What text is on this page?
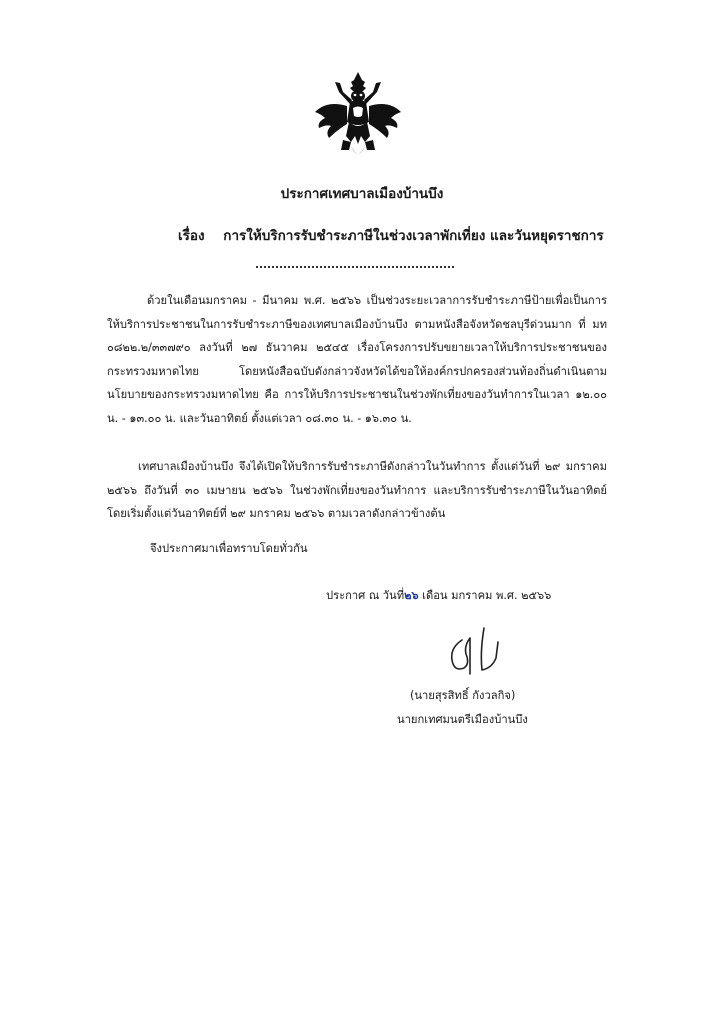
ประกาศเทศบาลเมืองบ้านบึง
เรื่อง การให้บริการรับชำระภาษีในช่วงเวลาพักเที่ยง และวันหยุดราชการ
ด้วยในเดือนมกราคม - มีนาคม พ.ศ. ๒๕๖๖ เป็นช่วงระยะเวลาการรับชำระภาษีป้ายเพื่อเป็นการให้บริการประชาชนในการรับชำระภาษีของเทศบาลเมืองบ้านบึง ตามหนังสือจังหวัดชลบุรีด่วนมาก ที่ มท ๐๘๒๒.๒/๓๓๗๙๐ ลงวันที่ ๒๗ ธันวาคม ๒๕๔๕ เรื่องโครงการปรับขยายเวลาให้บริการประชาชนของกระทรวงมหาดไทย โดยหนังสือฉบับดังกล่าวจังหวัดได้ขอให้องค์กรปกครองส่วนท้องถิ่นดำเนินตามนโยบายของกระทรวงมหาดไทย คือ การให้บริการประชาชนในช่วงพักเที่ยงของวันทำการในเวลา ๑๒.๐๐ น. - ๑๓.๐๐ น. และวันอาทิตย์ ตั้งแต่เวลา ๐๘.๓๐ น. - ๑๖.๓๐ น.
เทศบาลเมืองบ้านบึง จึงได้เปิดให้บริการรับชำระภาษีดังกล่าวในวันทำการ ตั้งแต่วันที่ ๒๙ มกราคม ๒๕๖๖ ถึงวันที่ ๓๐ เมษายน ๒๕๖๖ ในช่วงพักเที่ยงของวันทำการ และบริการรับชำระภาษีในวันอาทิตย์ โดยเริ่มตั้งแต่วันอาทิตย์ที่ ๒๙ มกราคม ๒๕๖๖ ตามเวลาดังกล่าวข้างต้น
จึงประกาศมาเพื่อทราบโดยทั่วกัน
ประกาศ ณ วันที่๒๖ เดือน มกราคม พ.ศ. ๒๕๖๖
(นายสุรสิทธิ์ กังวลกิจ)
นายกเทศมนตรีเมืองบ้านบึง
